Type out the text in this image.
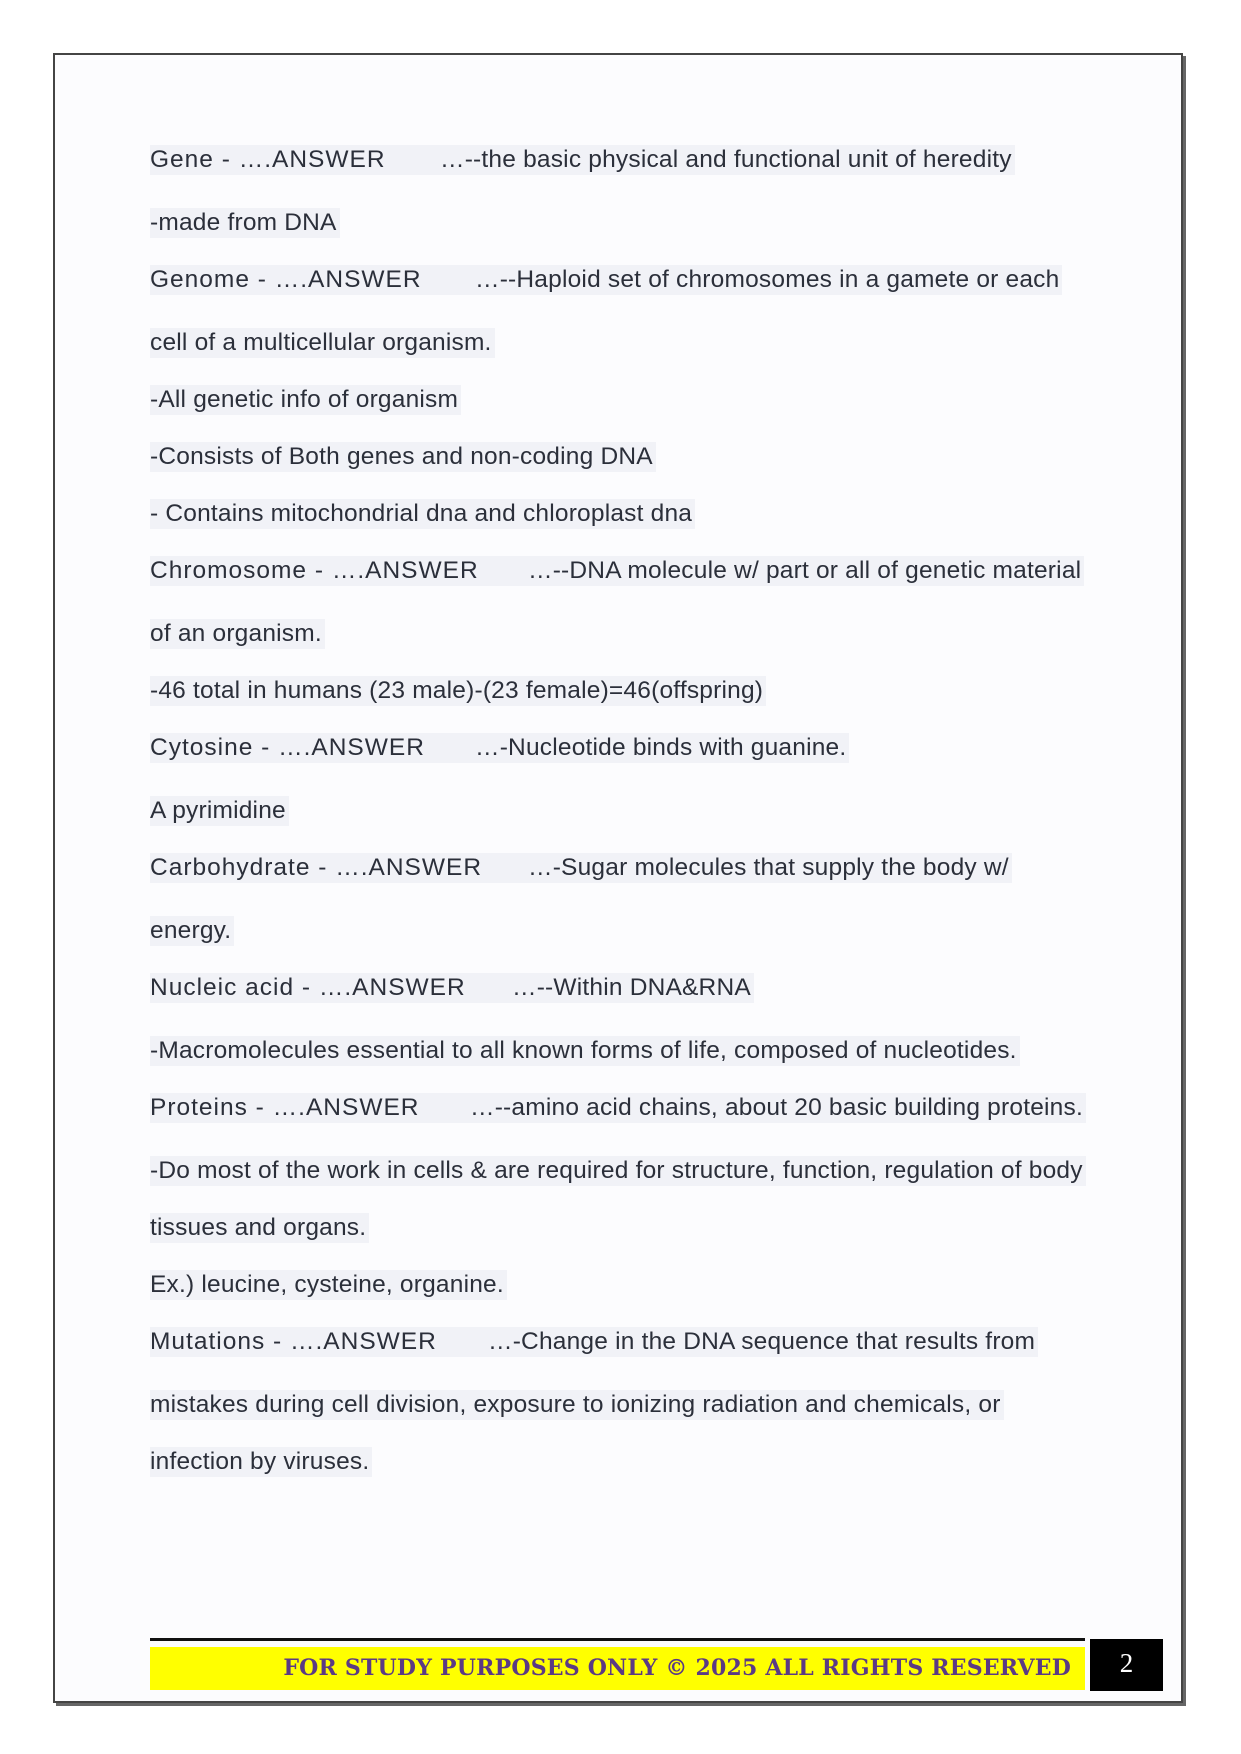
Gene - ….ANSWER …--the basic physical and functional unit of heredity
-made from DNA
Genome - ….ANSWER …--Haploid set of chromosomes in a gamete or each
cell of a multicellular organism.
-All genetic info of organism
-Consists of Both genes and non-coding DNA
- Contains mitochondrial dna and chloroplast dna
Chromosome - ….ANSWER …--DNA molecule w/ part or all of genetic material
of an organism.
-46 total in humans (23 male)-(23 female)=46(offspring)
Cytosine - ….ANSWER …-Nucleotide binds with guanine.
A pyrimidine
Carbohydrate - ….ANSWER …-Sugar molecules that supply the body w/
energy.
Nucleic acid - ….ANSWER …--Within DNA&RNA
-Macromolecules essential to all known forms of life, composed of nucleotides.
Proteins - ….ANSWER …--amino acid chains, about 20 basic building proteins.
-Do most of the work in cells & are required for structure, function, regulation of body
tissues and organs.
Ex.) leucine, cysteine, organine.
Mutations - ….ANSWER …-Change in the DNA sequence that results from
mistakes during cell division, exposure to ionizing radiation and chemicals, or
infection by viruses.
FOR STUDY PURPOSES ONLY © 2025 ALL RIGHTS RESERVED	2
